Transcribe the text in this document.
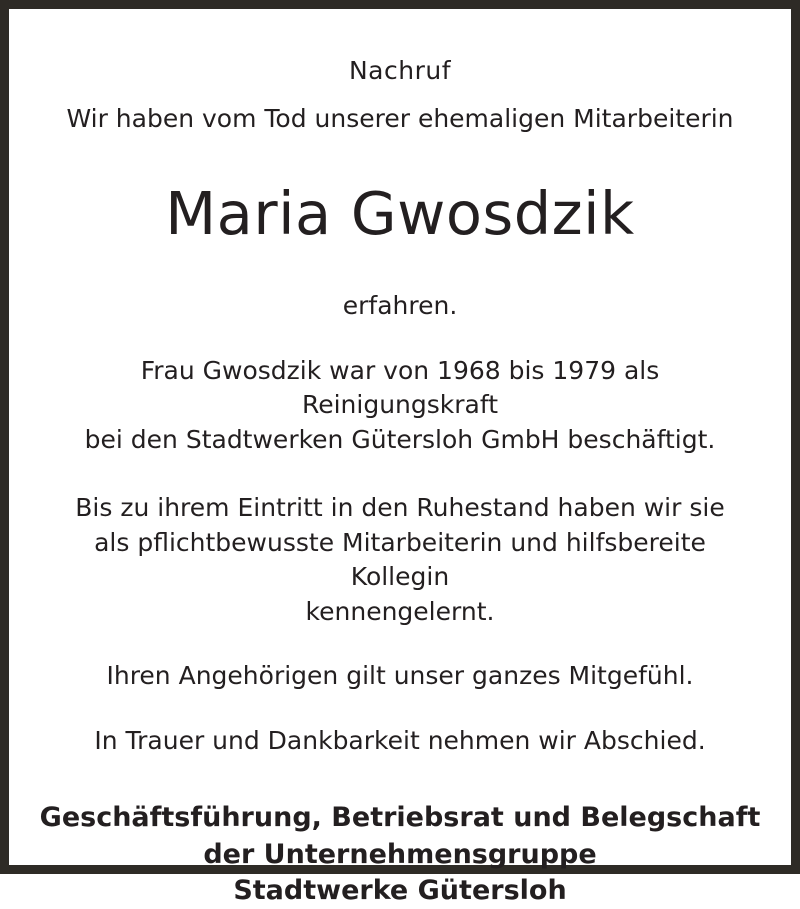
Nachruf
Wir haben vom Tod unserer ehemaligen Mitarbeiterin
Maria Gwosdzik
erfahren.
Frau Gwosdzik war von 1968 bis 1979 als Reinigungskraft
bei den Stadtwerken Gütersloh GmbH beschäftigt.
Bis zu ihrem Eintritt in den Ruhestand haben wir sie
als pflichtbewusste Mitarbeiterin und hilfsbereite Kollegin
kennengelernt.
Ihren Angehörigen gilt unser ganzes Mitgefühl.
In Trauer und Dankbarkeit nehmen wir Abschied.
Geschäftsführung, Betriebsrat und Belegschaft
der Unternehmensgruppe
Stadtwerke Gütersloh
